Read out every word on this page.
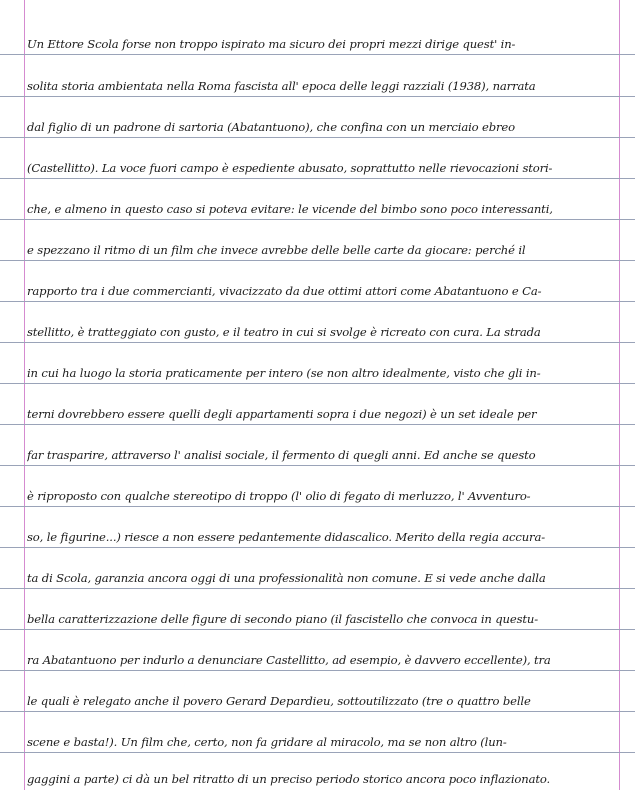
Un Ettore Scola forse non troppo ispirato ma sicuro dei propri mezzi dirige quest' in-
solita storia ambientata nella Roma fascista all' epoca delle leggi razziali (1938), narrata
dal figlio di un padrone di sartoria (Abatantuono), che confina con un merciaio ebreo
(Castellitto). La voce fuori campo è espediente abusato, soprattutto nelle rievocazioni stori-
che, e almeno in questo caso si poteva evitare: le vicende del bimbo sono poco interessanti,
e spezzano il ritmo di un film che invece avrebbe delle belle carte da giocare: perché il
rapporto tra i due commercianti, vivacizzato da due ottimi attori come Abatantuono e Ca-
stellitto, è tratteggiato con gusto, e il teatro in cui si svolge è ricreato con cura. La strada
in cui ha luogo la storia praticamente per intero (se non altro idealmente, visto che gli in-
terni dovrebbero essere quelli degli appartamenti sopra i due negozi) è un set ideale per
far trasparire, attraverso l' analisi sociale, il fermento di quegli anni. Ed anche se questo
è riproposto con qualche stereotipo di troppo (l' olio di fegato di merluzzo, l' Avventuro-
so, le figurine...) riesce a non essere pedantemente didascalico. Merito della regia accura-
ta di Scola, garanzia ancora oggi di una professionalità non comune. E si vede anche dalla
bella caratterizzazione delle figure di secondo piano (il fascistello che convoca in questu-
ra Abatantuono per indurlo a denunciare Castellitto, ad esempio, è davvero eccellente), tra
le quali è relegato anche il povero Gerard Depardieu, sottoutilizzato (tre o quattro belle
scene e basta!). Un film che, certo, non fa gridare al miracolo, ma se non altro (lun-
gaggini a parte) ci dà un bel ritratto di un preciso periodo storico ancora poco inflazionato.
